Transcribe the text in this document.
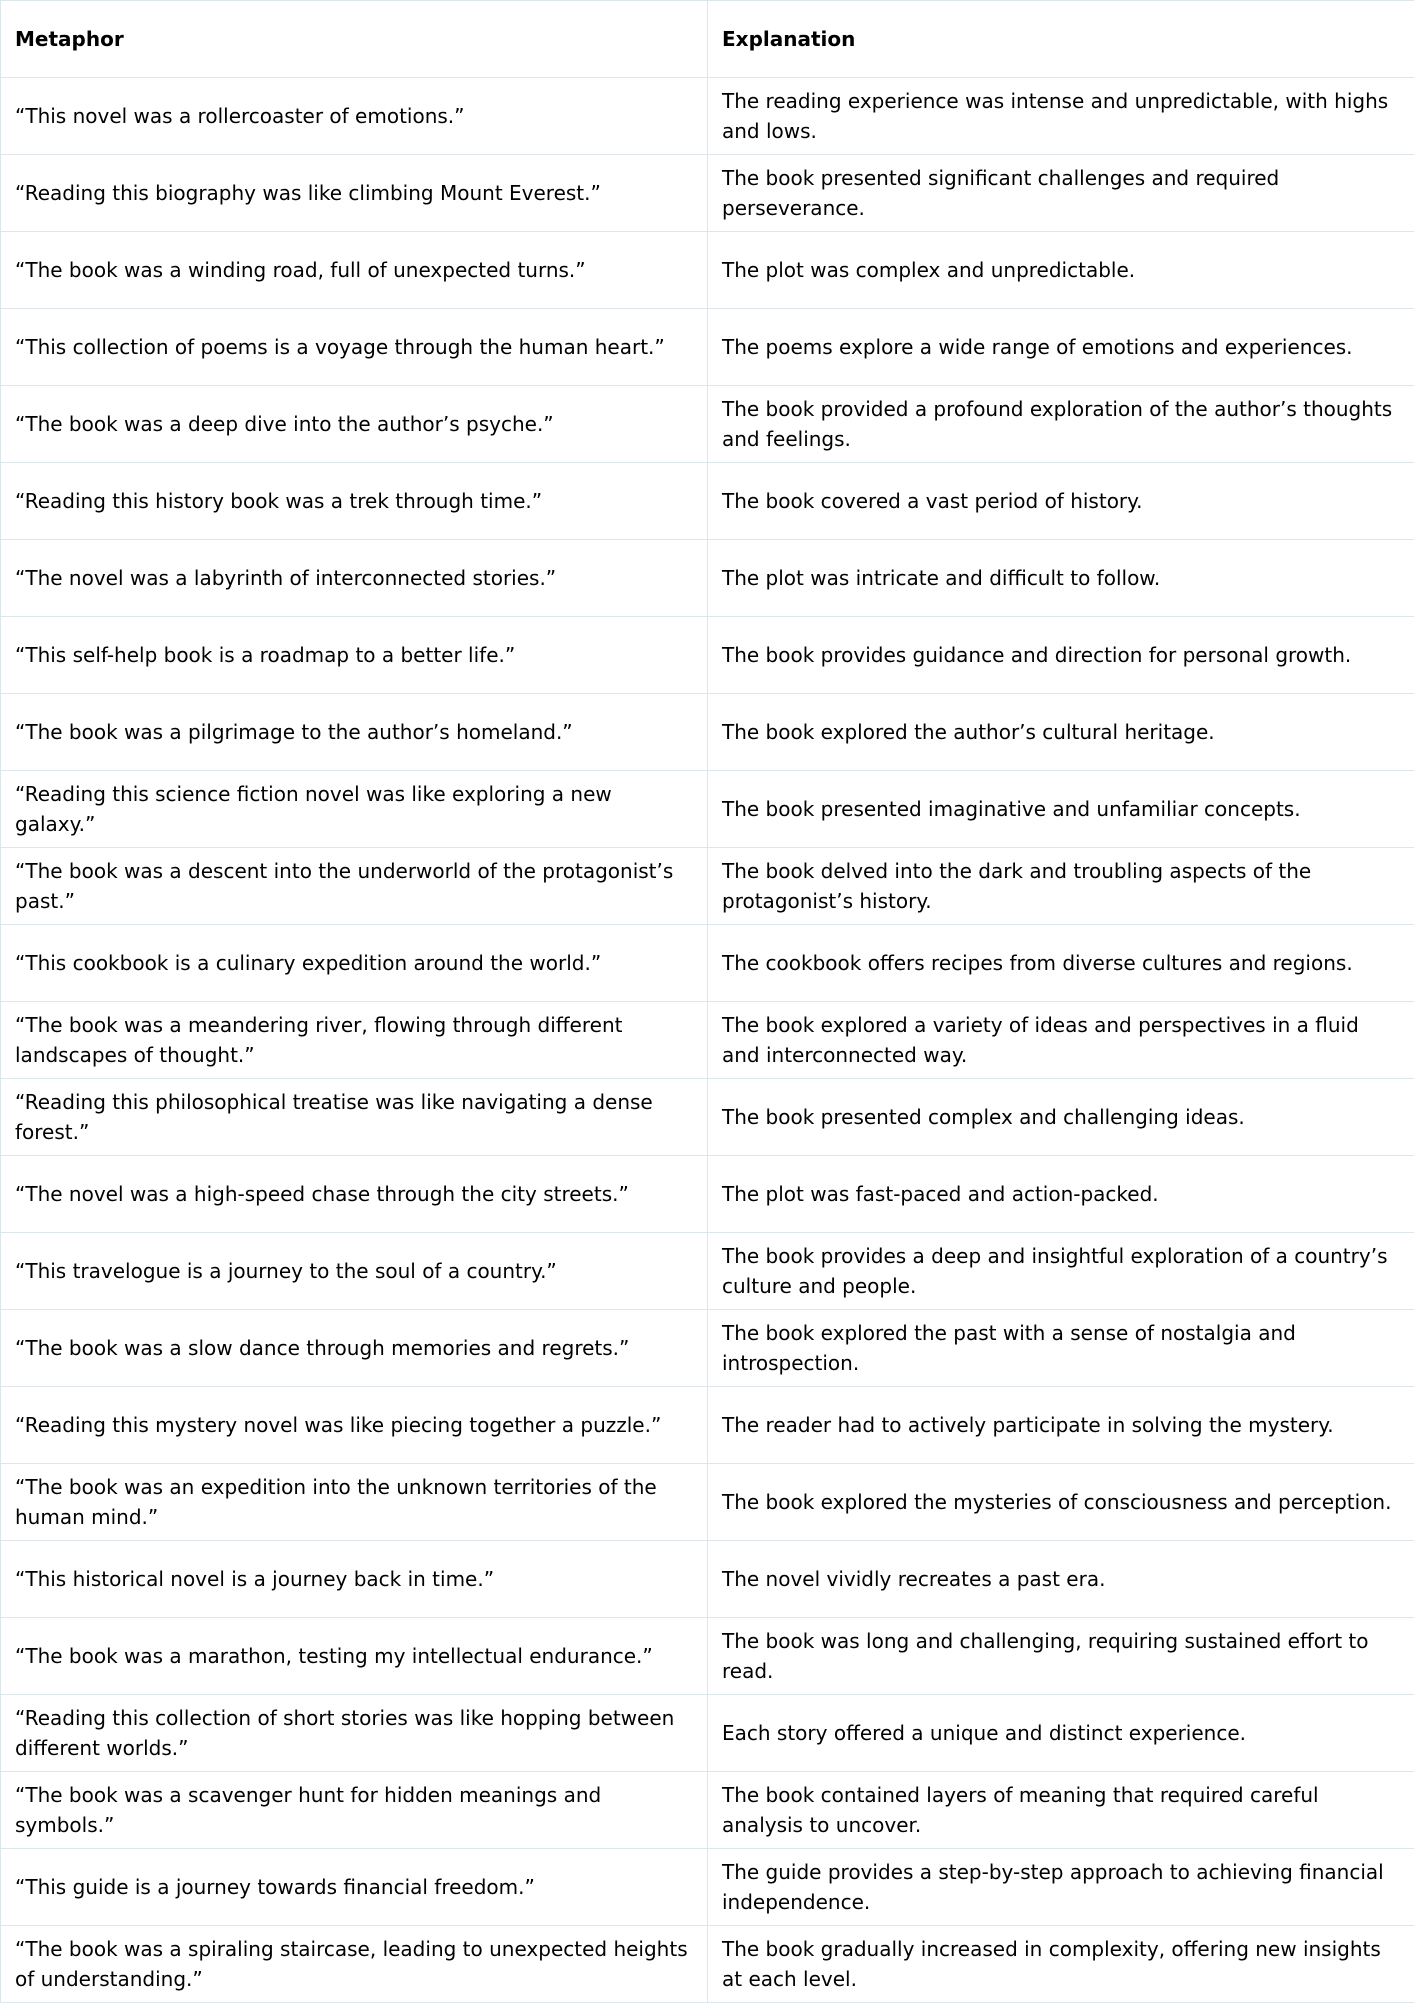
Metaphor	Explanation
“This novel was a rollercoaster of emotions.”	The reading experience was intense and unpredictable, with highs and lows.
“Reading this biography was like climbing Mount Everest.”	The book presented significant challenges and required perseverance.
“The book was a winding road, full of unexpected turns.”	The plot was complex and unpredictable.
“This collection of poems is a voyage through the human heart.”	The poems explore a wide range of emotions and experiences.
“The book was a deep dive into the author’s psyche.”	The book provided a profound exploration of the author’s thoughts and feelings.
“Reading this history book was a trek through time.”	The book covered a vast period of history.
“The novel was a labyrinth of interconnected stories.”	The plot was intricate and difficult to follow.
“This self-help book is a roadmap to a better life.”	The book provides guidance and direction for personal growth.
“The book was a pilgrimage to the author’s homeland.”	The book explored the author’s cultural heritage.
“Reading this science fiction novel was like exploring a new galaxy.”	The book presented imaginative and unfamiliar concepts.
“The book was a descent into the underworld of the protagonist’s past.”	The book delved into the dark and troubling aspects of the protagonist’s history.
“This cookbook is a culinary expedition around the world.”	The cookbook offers recipes from diverse cultures and regions.
“The book was a meandering river, flowing through different landscapes of thought.”	The book explored a variety of ideas and perspectives in a fluid and interconnected way.
“Reading this philosophical treatise was like navigating a dense forest.”	The book presented complex and challenging ideas.
“The novel was a high-speed chase through the city streets.”	The plot was fast-paced and action-packed.
“This travelogue is a journey to the soul of a country.”	The book provides a deep and insightful exploration of a country’s culture and people.
“The book was a slow dance through memories and regrets.”	The book explored the past with a sense of nostalgia and introspection.
“Reading this mystery novel was like piecing together a puzzle.”	The reader had to actively participate in solving the mystery.
“The book was an expedition into the unknown territories of the human mind.”	The book explored the mysteries of consciousness and perception.
“This historical novel is a journey back in time.”	The novel vividly recreates a past era.
“The book was a marathon, testing my intellectual endurance.”	The book was long and challenging, requiring sustained effort to read.
“Reading this collection of short stories was like hopping between different worlds.”	Each story offered a unique and distinct experience.
“The book was a scavenger hunt for hidden meanings and symbols.”	The book contained layers of meaning that required careful analysis to uncover.
“This guide is a journey towards financial freedom.”	The guide provides a step-by-step approach to achieving financial independence.
“The book was a spiraling staircase, leading to unexpected heights of understanding.”	The book gradually increased in complexity, offering new insights at each level.
